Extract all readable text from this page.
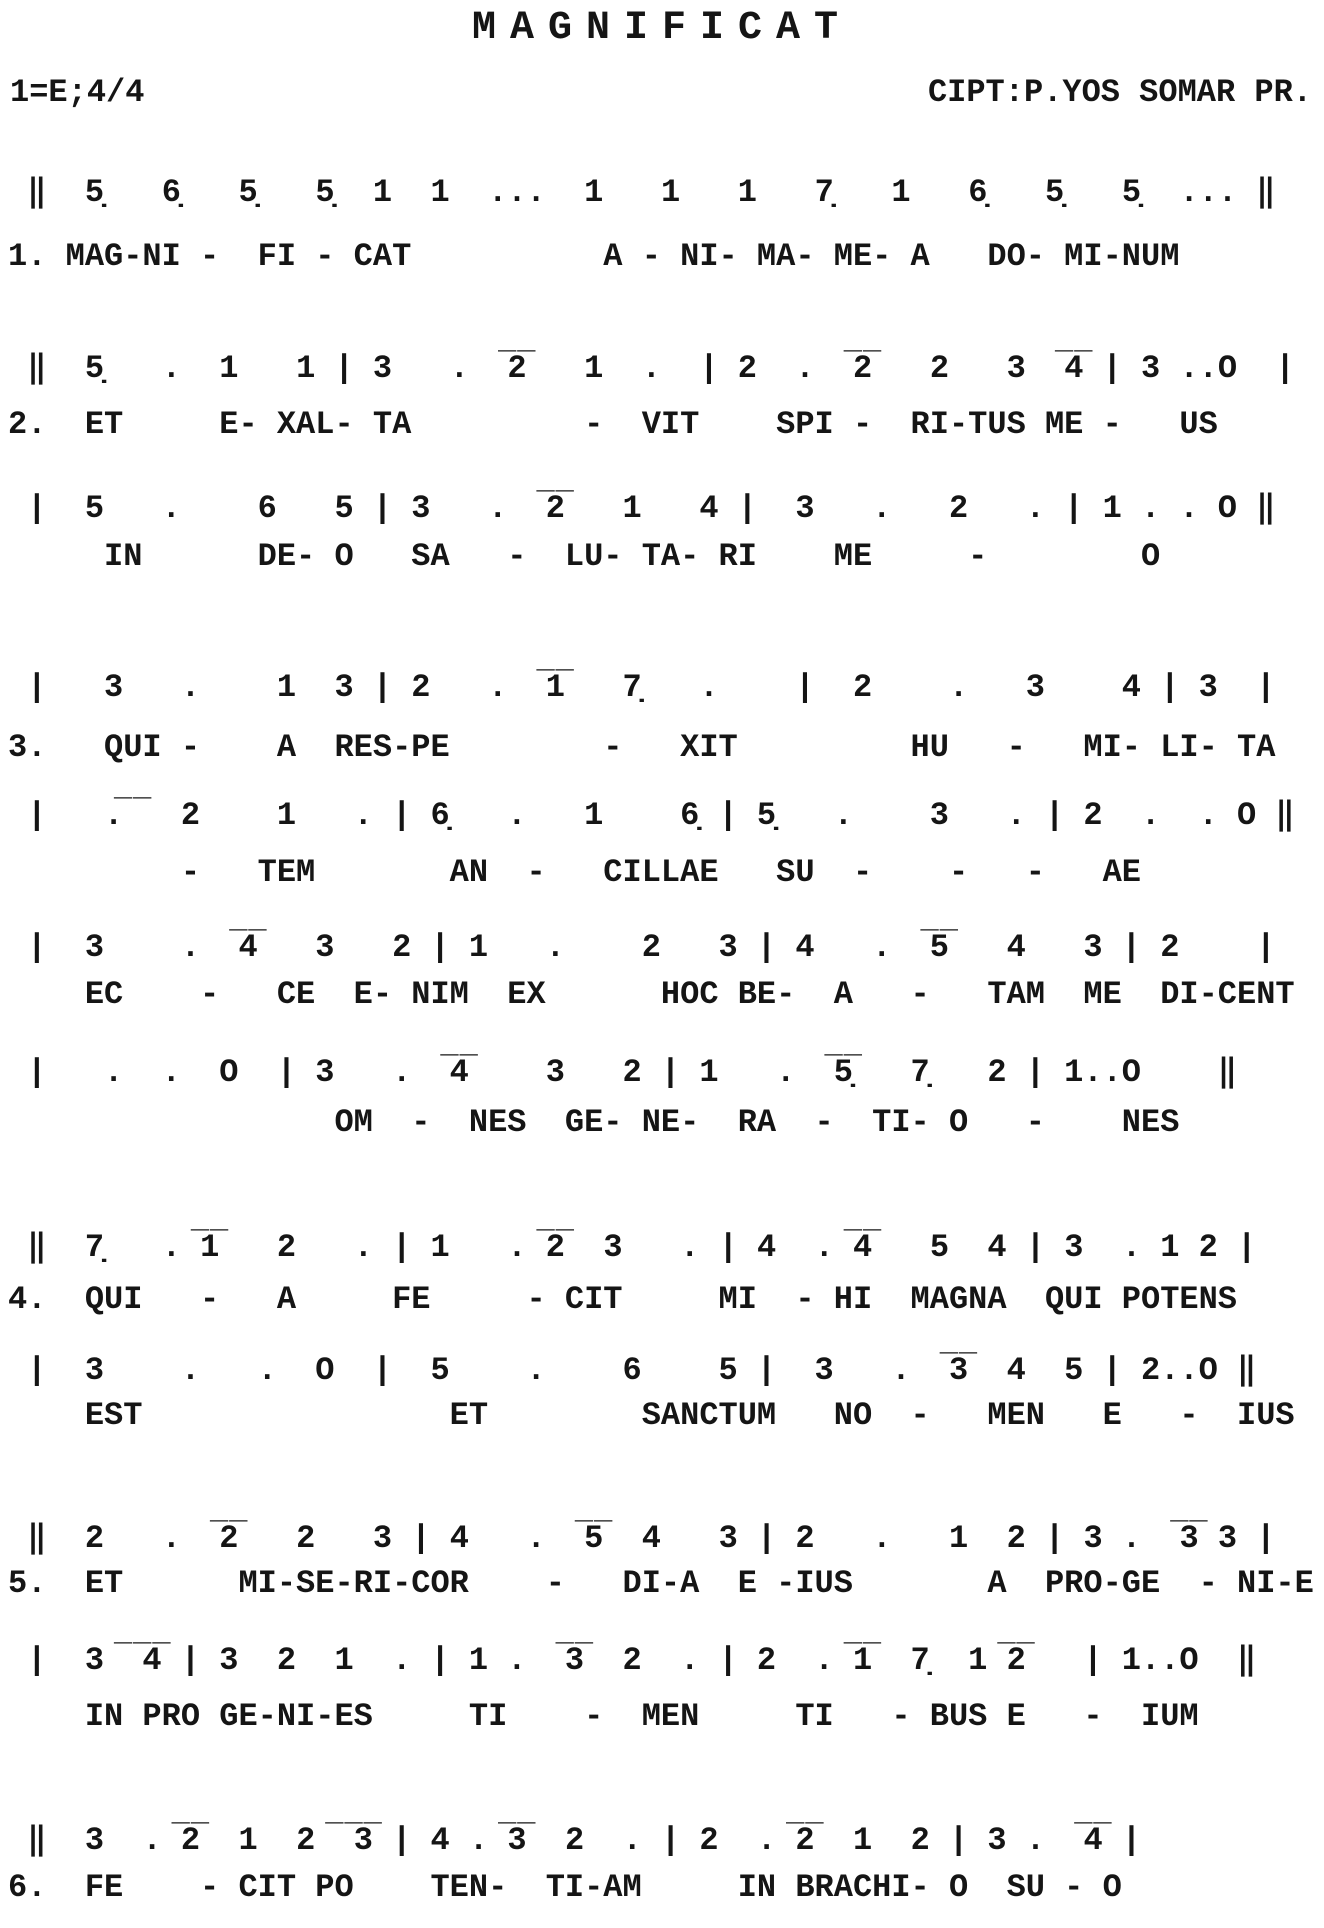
MAGNIFICAT
1=E;4/4	CIPT:P.YOS SOMAR PR.
‖  5̣   6̣   5̣   5̣  1  1  ...  1   1   1   7̣   1   6̣   5̣   5̣  ... ‖
1. MAG-NI -  FI - CAT          A - NI- MA- ME- A   DO- MI-NUM
‖  5̣   .  1   1 | 3   .  ̅2̅   1  .  | 2  .  ̅2̅   2   3  ̅4̅ | 3 ..O  |
2.  ET     E- XAL- TA         -  VIT    SPI -  RI-TUS ME -   US
|  5   .    6   5 | 3   .  ̅2̅   1   4 |  3   .   2   . | 1 . . O ‖
IN      DE- O   SA   -  LU- TA- RI    ME     -        O
|   3   .    1  3 | 2   .  ̅1̅   7̣   .    |  2    .   3    4 | 3  |
3.   QUI -    A  RES-PE        -   XIT         HU   -   MI- LI- TA
|   .̅ ̅  2    1   . | 6̣   .   1    6̣ | 5̣   .    3   . | 2  .  . O ‖
-   TEM       AN  -   CILLAE   SU  -    -   -   AE
|  3    .  ̅4̅   3   2 | 1   .    2   3 | 4   .  ̅5̅   4   3 | 2    |
EC    -   CE  E- NIM  EX      HOC BE-  A   -   TAM  ME  DI-CENT
|   .  .  O  | 3   .  ̅4̅    3   2 | 1   .  ̅5̣̅   7̣   2 | 1..O    ‖
OM  -  NES  GE- NE-  RA  -  TI- O   -    NES
‖  7̣   . ̅1̅   2   . | 1   . ̅2̅  3   . | 4  . ̅4̅   5  4 | 3  . 1 2 |
4.  QUI   -   A     FE     - CIT     MI  - HI  MAGNA  QUI POTENS
|  3    .   .  O  |  5    .    6    5 |  3   .  ̅3̅  4  5 | 2..O ‖
EST                ET        SANCTUM   NO  -   MEN   E   -  IUS
‖  2   .  ̅2̅   2   3 | 4   .  ̅5̅  4   3 | 2   .   1  2 | 3 .  ̅3̅ 3 |
5.  ET      MI-SE-RI-COR    -   DI-A  E -IUS       A  PRO-GE  - NI-E
|  3 ̅ ̅4̅ | 3  2  1  . | 1 .  ̅3̅  2  . | 2  . ̅1̅  7̣  1 ̅2̅   | 1..O  ‖
IN PRO GE-NI-ES     TI    -  MEN     TI   - BUS E   -  IUM
‖  3  . ̅2̅  1  2 ̅ ̅3̅ | 4 . ̅3̅  2  . | 2  . ̅2̅  1  2 | 3 .  ̅4̅ |
6.  FE    - CIT PO    TEN-  TI-AM     IN BRACHI- O  SU - O
